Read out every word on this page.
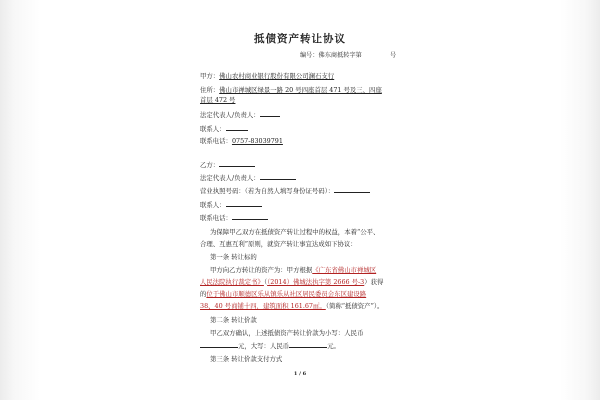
抵债资产转让协议
编号：佛东商抵转字第	号
甲方：佛山农村商业银行股份有限公司澜石支行
住所：佛山市禅城区绿景一路 20 号四座首层 471 号及三、四座
首层 472 号
法定代表人/负责人：
联系人：
联系电话：0757-83039791
乙方：
法定代表人/负责人：
营业执照号码：（若为自然人填写身份证号码）：
联系人：
联系电话：
为保障甲乙双方在抵债资产转让过程中的权益，本着“公平、
合理、互惠互利”原则，就资产转让事宜达成如下协议：
第一条 转让标的
甲方向乙方转让的资产为：甲方根据《广东省佛山市禅城区
人民法院执行裁定书》（（2014）佛城法执字第 2666 号-3）获得
的位于佛山市顺德区乐从镇乐从社区居民委员会东区建设路
38、40 号商铺十四，建筑面积 161.67㎡。（简称“抵债资产”）。
第二条 转让价款
甲乙双方确认，上述抵债资产转让价款为小写：人民币
元，大写：人民币	元。
第三条 转让价款支付方式
1 / 6
